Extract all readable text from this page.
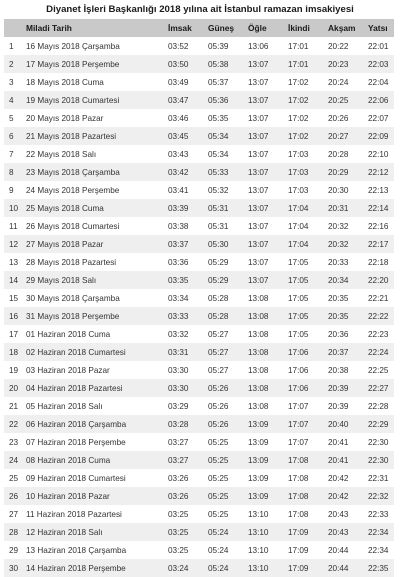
Diyanet İşleri Başkanlığı 2018 yılına ait İstanbul ramazan imsakiyesi
	Miladi Tarih	İmsak	Güneş	Öğle	İkindi	Akşam	Yatsı
1	16 Mayıs 2018 Çarşamba	03:52	05:39	13:06	17:01	20:22	22:01
2	17 Mayıs 2018 Perşembe	03:50	05:38	13:07	17:01	20:23	22:03
3	18 Mayıs 2018 Cuma	03:49	05:37	13:07	17:02	20:24	22:04
4	19 Mayıs 2018 Cumartesi	03:47	05:36	13:07	17:02	20:25	22:06
5	20 Mayıs 2018 Pazar	03:46	05:35	13:07	17:02	20:26	22:07
6	21 Mayıs 2018 Pazartesi	03:45	05:34	13:07	17:02	20:27	22:09
7	22 Mayıs 2018 Salı	03:43	05:34	13:07	17:03	20:28	22:10
8	23 Mayıs 2018 Çarşamba	03:42	05:33	13:07	17:03	20:29	22:12
9	24 Mayıs 2018 Perşembe	03:41	05:32	13:07	17:03	20:30	22:13
10	25 Mayıs 2018 Cuma	03:39	05:31	13:07	17:04	20:31	22:14
11	26 Mayıs 2018 Cumartesi	03:38	05:31	13:07	17:04	20:32	22:16
12	27 Mayıs 2018 Pazar	03:37	05:30	13:07	17:04	20:32	22:17
13	28 Mayıs 2018 Pazartesi	03:36	05:29	13:07	17:05	20:33	22:18
14	29 Mayıs 2018 Salı	03:35	05:29	13:07	17:05	20:34	22:20
15	30 Mayıs 2018 Çarşamba	03:34	05:28	13:08	17:05	20:35	22:21
16	31 Mayıs 2018 Perşembe	03:33	05:28	13:08	17:05	20:35	22:22
17	01 Haziran 2018 Cuma	03:32	05:27	13:08	17:05	20:36	22:23
18	02 Haziran 2018 Cumartesi	03:31	05:27	13:08	17:06	20:37	22:24
19	03 Haziran 2018 Pazar	03:30	05:27	13:08	17:06	20:38	22:25
20	04 Haziran 2018 Pazartesi	03:30	05:26	13:08	17:06	20:39	22:27
21	05 Haziran 2018 Salı	03:29	05:26	13:08	17:07	20:39	22:28
22	06 Haziran 2018 Çarşamba	03:28	05:26	13:09	17:07	20:40	22:29
23	07 Haziran 2018 Perşembe	03:27	05:25	13:09	17:07	20:41	22:30
24	08 Haziran 2018 Cuma	03:27	05:25	13:09	17:08	20:41	22:30
25	09 Haziran 2018 Cumartesi	03:26	05:25	13:09	17:08	20:42	22:31
26	10 Haziran 2018 Pazar	03:26	05:25	13:09	17:08	20:42	22:32
27	11 Haziran 2018 Pazartesi	03:25	05:25	13:10	17:08	20:43	22:33
28	12 Haziran 2018 Salı	03:25	05:24	13:10	17:09	20:43	22:34
29	13 Haziran 2018 Çarşamba	03:25	05:24	13:10	17:09	20:44	22:34
30	14 Haziran 2018 Perşembe	03:24	05:24	13:10	17:09	20:44	22:35
